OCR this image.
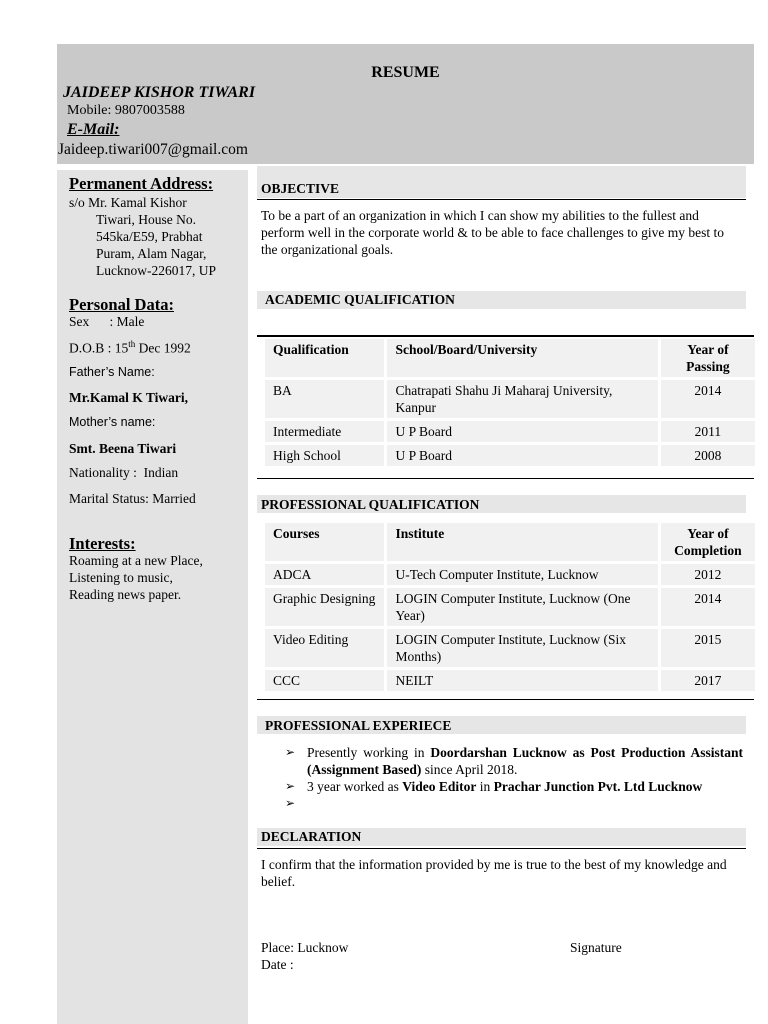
RESUME
JAIDEEP KISHOR TIWARI
Mobile: 9807003588
E-Mail:
Jaideep.tiwari007@gmail.com
Permanent Address:
s/o Mr. Kamal Kishor
Tiwari, House No.
545ka/E59, Prabhat
Puram, Alam Nagar,
Lucknow-226017, UP
Personal Data:
Sex      : Male
D.O.B : 15th Dec 1992
Father’s Name:
Mr.Kamal K Tiwari,
Mother’s name:
Smt. Beena Tiwari
Nationality :  Indian
Marital Status: Married
Interests:
Roaming at a new Place,
Listening to music,
Reading news paper.
OBJECTIVE
To be a part of an organization in which I can show my abilities to the fullest and perform well in the corporate world & to be able to face challenges to give my best to the organizational goals.
ACADEMIC QUALIFICATION
Qualification	School/Board/University	Year of Passing
BA	Chatrapati Shahu Ji Maharaj University, Kanpur	2014
Intermediate	U P Board	2011
High School	U P Board	2008
PROFESSIONAL QUALIFICATION
Courses	Institute	Year of Completion
ADCA	U-Tech Computer Institute, Lucknow	2012
Graphic Designing	LOGIN Computer Institute, Lucknow (One Year)	2014
Video Editing	LOGIN Computer Institute, Lucknow (Six Months)	2015
CCC	NEILT	2017
PROFESSIONAL EXPERIECE
➢ Presently working in Doordarshan Lucknow as Post Production Assistant (Assignment Based) since April 2018.
➢ 3 year worked as Video Editor in Prachar Junction Pvt. Ltd Lucknow
➢
DECLARATION
I confirm that the information provided by me is true to the best of my knowledge and belief.
Place: Lucknow
Date :
Signature
